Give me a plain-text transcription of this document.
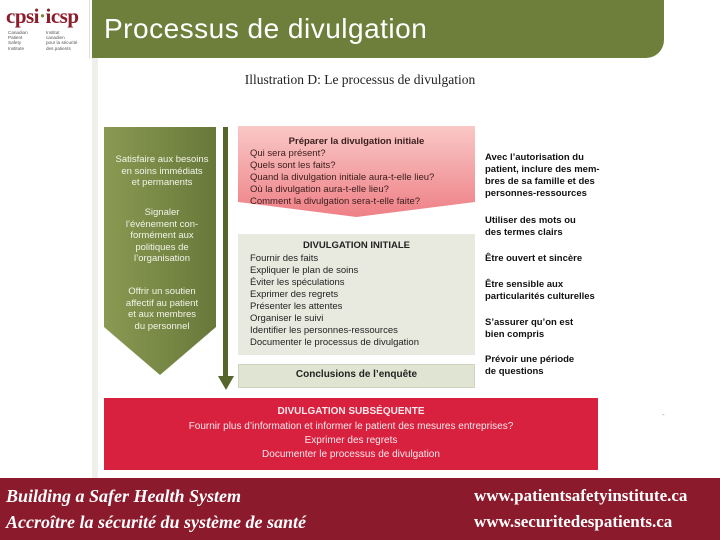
cpsi·icsp
Canadian
Patient
Safety
Institute
Institut
canadien
pour la sécurité
des patients
Processus de divulgation
Illustration D: Le processus de divulgation
Satisfaire aux besoins
en soins immédiats
et permanents
Signaler
l’événement con-
formément aux
politiques de
l’organisation
Offrir un soutien
affectif au patient
et aux membres
du personnel
Préparer la divulgation initiale
Qui sera présent?
Quels sont les faits?
Quand la divulgation initiale aura-t-elle lieu?
Où la divulgation aura-t-elle lieu?
Comment la divulgation sera-t-elle faite?
DIVULGATION INITIALE
Fournir des faits
Expliquer le plan de soins
Éviter les spéculations
Exprimer des regrets
Présenter les attentes
Organiser le suivi
Identifier les personnes-ressources
Documenter le processus de divulgation
Conclusions de l’enquête
Avec l’autorisation du
patient, inclure des mem-
bres de sa famille et des
personnes-ressources
Utiliser des mots ou
des termes clairs
Être ouvert et sincère
Être sensible aux
particularités culturelles
S’assurer qu’on est
bien compris
Prévoir une période
de questions
DIVULGATION SUBSÉQUENTE
Fournir plus d’information et informer le patient des mesures entreprises?
Exprimer des regrets
Documenter le processus de divulgation
-
Building a Safer Health System
Accroître la sécurité du système de santé
www.patientsafetyinstitute.ca
www.securitedespatients.ca
